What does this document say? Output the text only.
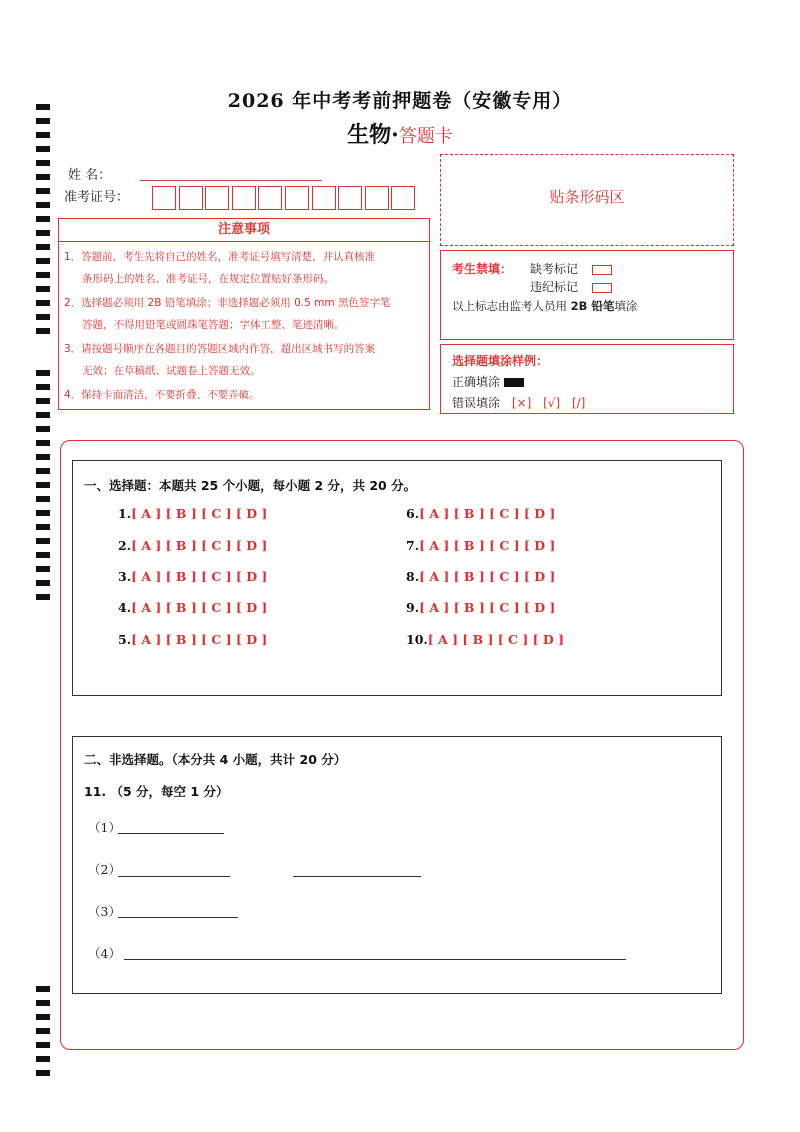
2026 年中考考前押题卷（安徽专用）
生物·答题卡
姓 名：
准考证号：	贴条形码区
注意事项
1．答题前，考生先将自己的姓名，准考证号填写清楚，并认真核准
条形码上的姓名、准考证号，在规定位置贴好条形码。
2．选择题必须用 2B 铅笔填涂；非选择题必须用 0.5 mm 黑色签字笔
答题，不得用铅笔或圆珠笔答题；字体工整、笔迹清晰。
3．请按题号顺序在各题目的答题区域内作答，超出区域书写的答案
无效；在草稿纸、试题卷上答题无效。
4．保持卡面清洁，不要折叠、不要弄破。
考生禁填： 缺考标记
违纪标记
以上标志由监考人员用 2B 铅笔填涂
选择题填涂样例：
正确填涂
错误填涂 [×] [√] [/]
一、选择题：本题共 25 个小题，每小题 2 分，共 20 分。
1.[ A ] [ B ] [ C ] [ D ]
2.[ A ] [ B ] [ C ] [ D ]
3.[ A ] [ B ] [ C ] [ D ]
4.[ A ] [ B ] [ C ] [ D ]
5.[ A ] [ B ] [ C ] [ D ]
6.[ A ] [ B ] [ C ] [ D ]
7.[ A ] [ B ] [ C ] [ D ]
8.[ A ] [ B ] [ C ] [ D ]
9.[ A ] [ B ] [ C ] [ D ]
10.[ A ] [ B ] [ C ] [ D ]
二、非选择题。（本分共 4 小题，共计 20 分）
11. （5 分，每空 1 分）
（1）
（2）
（3）
（4）
